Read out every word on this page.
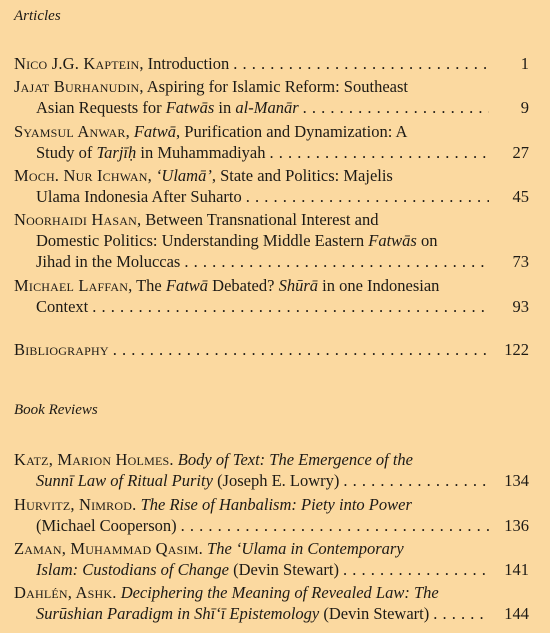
Articles
Nico J.G. Kaptein, Introduction . . .	1
Jajat Burhanudin, Aspiring for Islamic Reform: Southeast
Asian Requests for Fatwās in al-Manār . . .	9
Syamsul Anwar, Fatwā, Purification and Dynamization: A
Study of Tarjīḥ in Muhammadiyah . . .	27
Moch. Nur Ichwan, ‘Ulamā’, State and Politics: Majelis
Ulama Indonesia After Suharto . . .	45
Noorhaidi Hasan, Between Transnational Interest and
Domestic Politics: Understanding Middle Eastern Fatwās on
Jihad in the Moluccas . . .	73
Michael Laffan, The Fatwā Debated? Shūrā in one Indonesian
Context . . .	93
Bibliography . . .	122
Book Reviews
Katz, Marion Holmes.
Body of Text: The Emergence of the
Sunnī Law of Ritual Purity (Joseph E. Lowry) . . .	134
Hurvitz, Nimrod.
The Rise of Hanbalism: Piety into Power
(Michael Cooperson) . . .	136
Zaman, Muhammad Qasim.
The ‘Ulama in Contemporary
Islam: Custodians of Change (Devin Stewart) . . .	141
Dahlén, Ashk.
Deciphering the Meaning of Revealed Law: The
Surūshian Paradigm in Shī‘ī Epistemology (Devin Stewart) . . .	144
